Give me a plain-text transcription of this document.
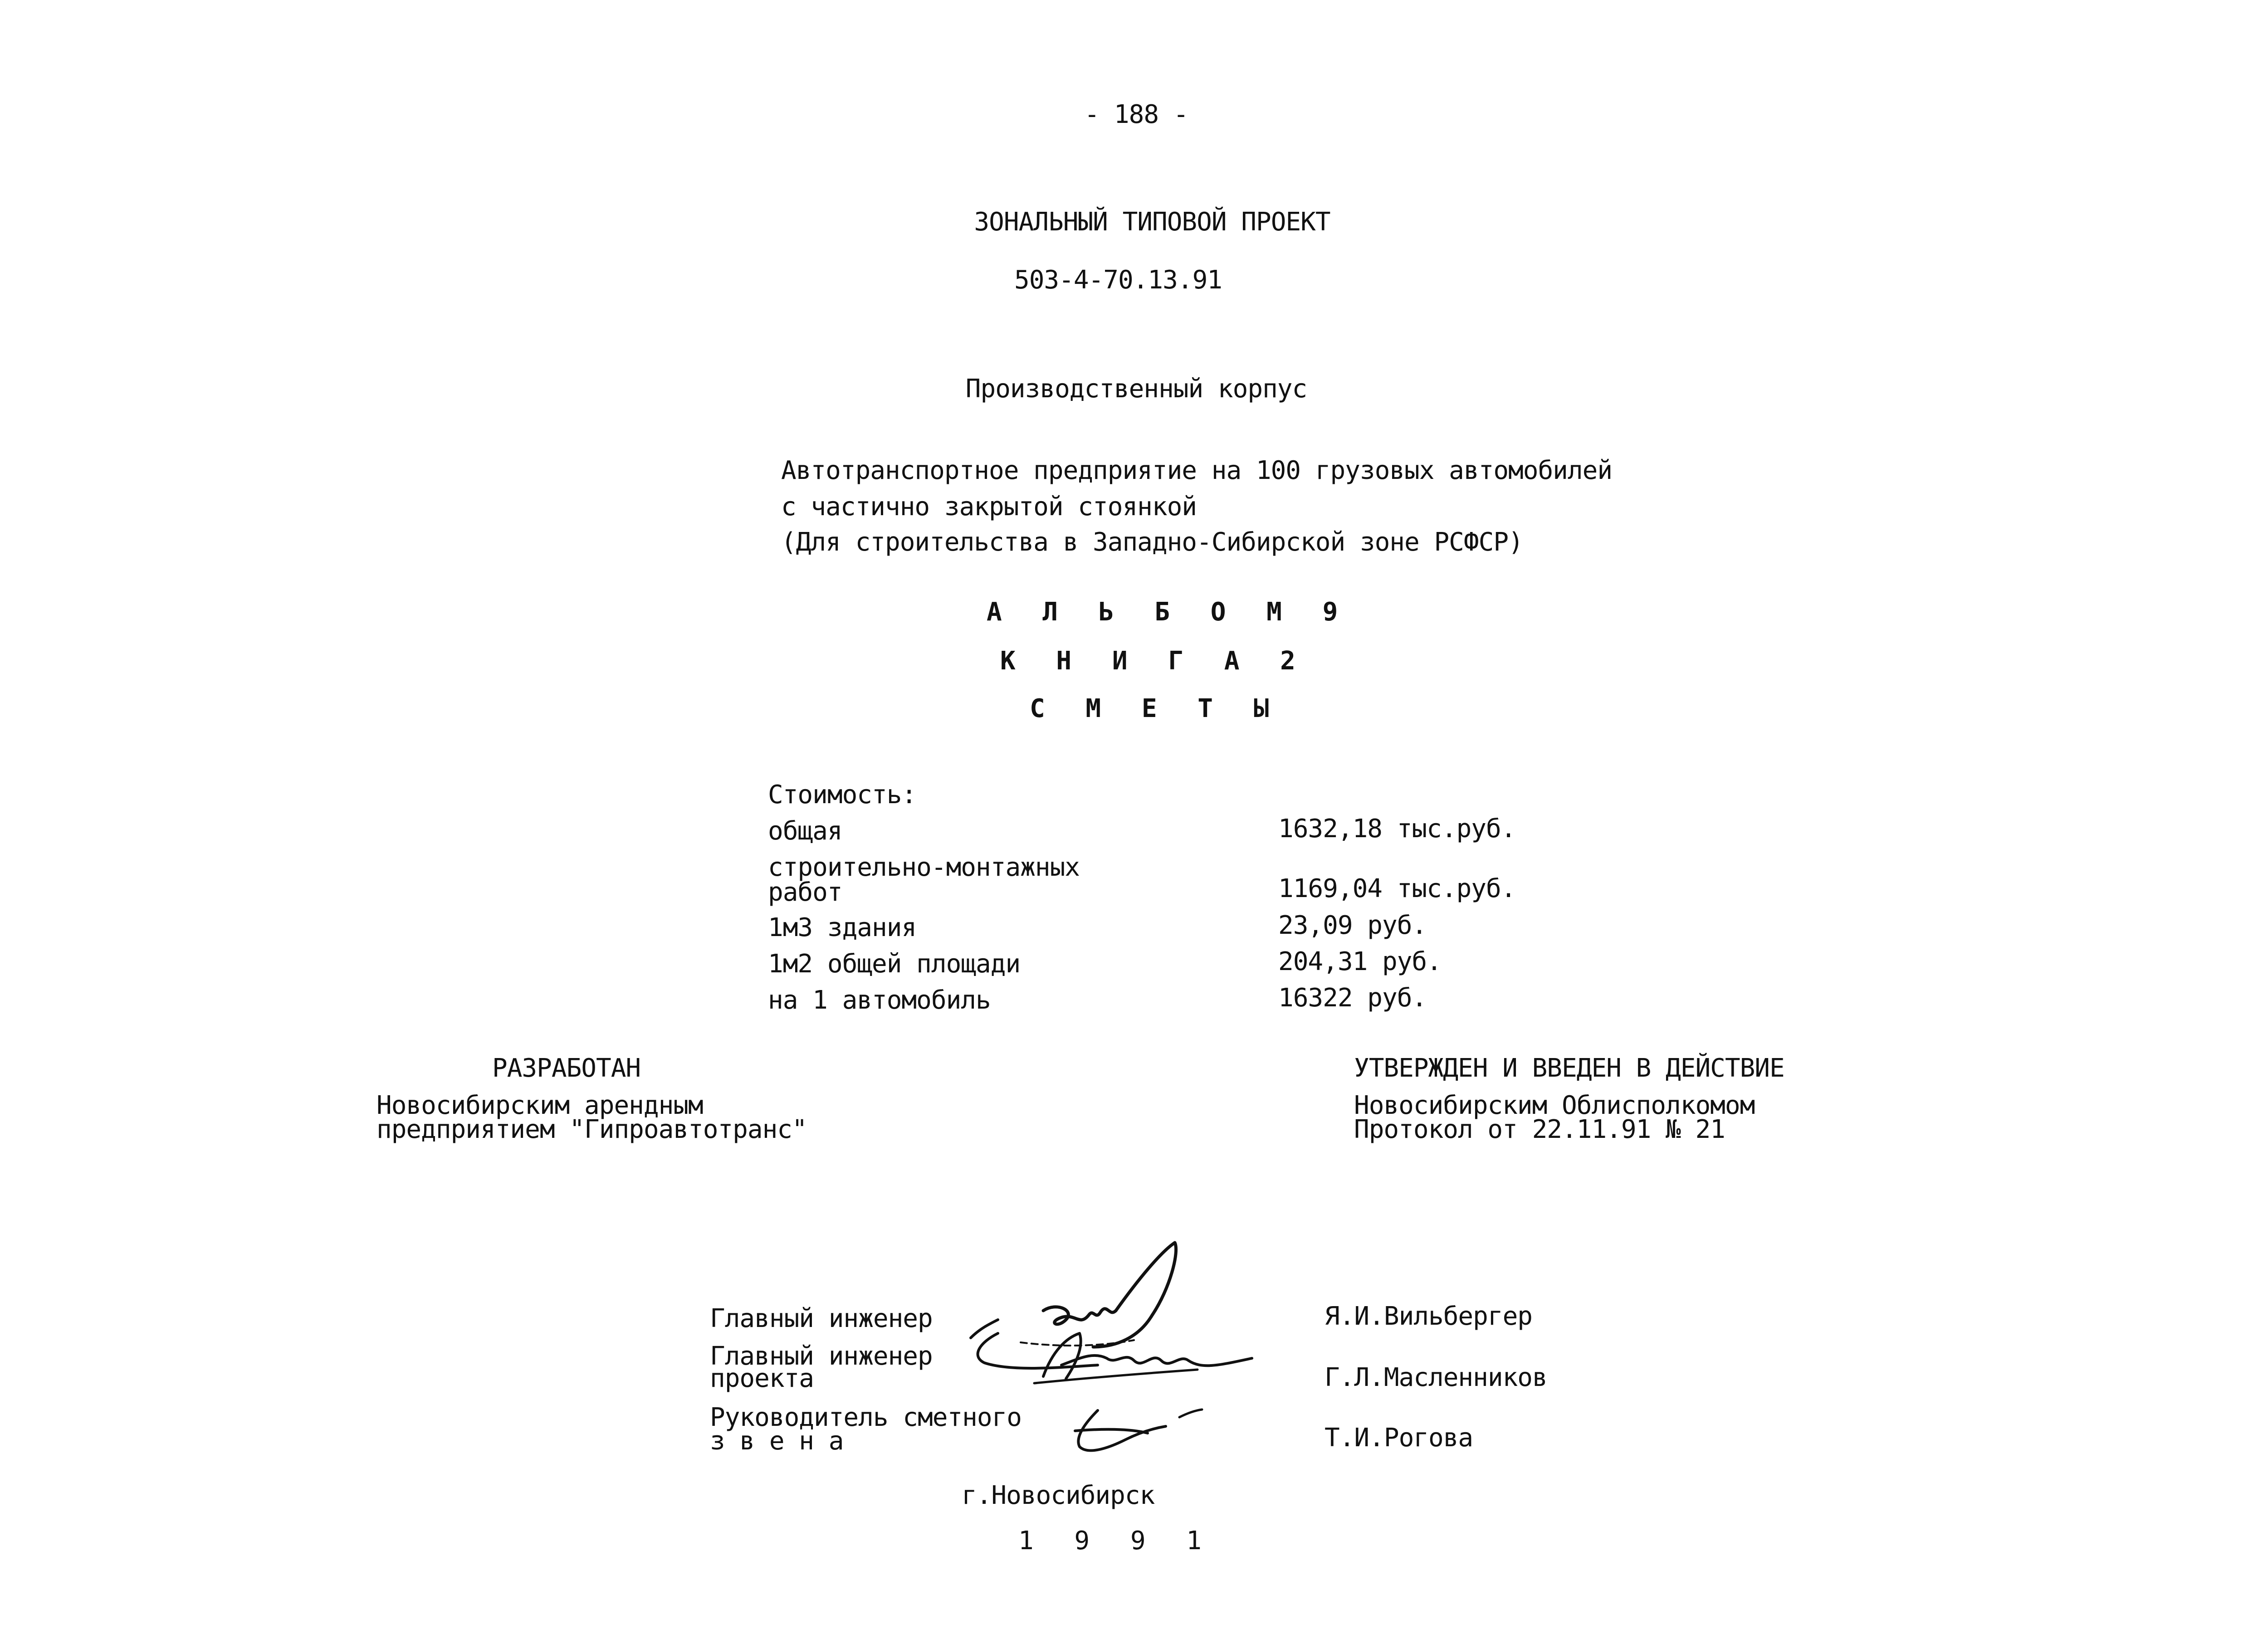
- 188 -
ЗОНАЛЬНЫЙ ТИПОВОЙ ПРОЕКТ
503-4-70.13.91
Производственный корпус
Автотранспортное предприятие на 100 грузовых автомобилей
с частично закрытой стоянкой
(Для строительства в Западно-Сибирской зоне РСФСР)
А Л Ь Б О М 9
К Н И Г А 2
С М Е Т Ы
Стоимость:
общая	1632,18 тыс.руб.
строительно-монтажных
работ	1169,04 тыс.руб.
1м3 здания	23,09 руб.
1м2 общей площади	204,31 руб.
на 1 автомобиль	16322 руб.
РАЗРАБОТАН
Новосибирским арендным
предприятием "Гипроавтотранс"
УТВЕРЖДЕН И ВВЕДЕН В ДЕЙСТВИЕ
Новосибирским Облисполкомом
Протокол от 22.11.91 № 21
Главный инженер	Я.И.Вильбергер
Главный инженер
проекта	Г.Л.Масленников
Руководитель сметного
з в е н а	Т.И.Рогова
г.Новосибирск
1 9 9 1
